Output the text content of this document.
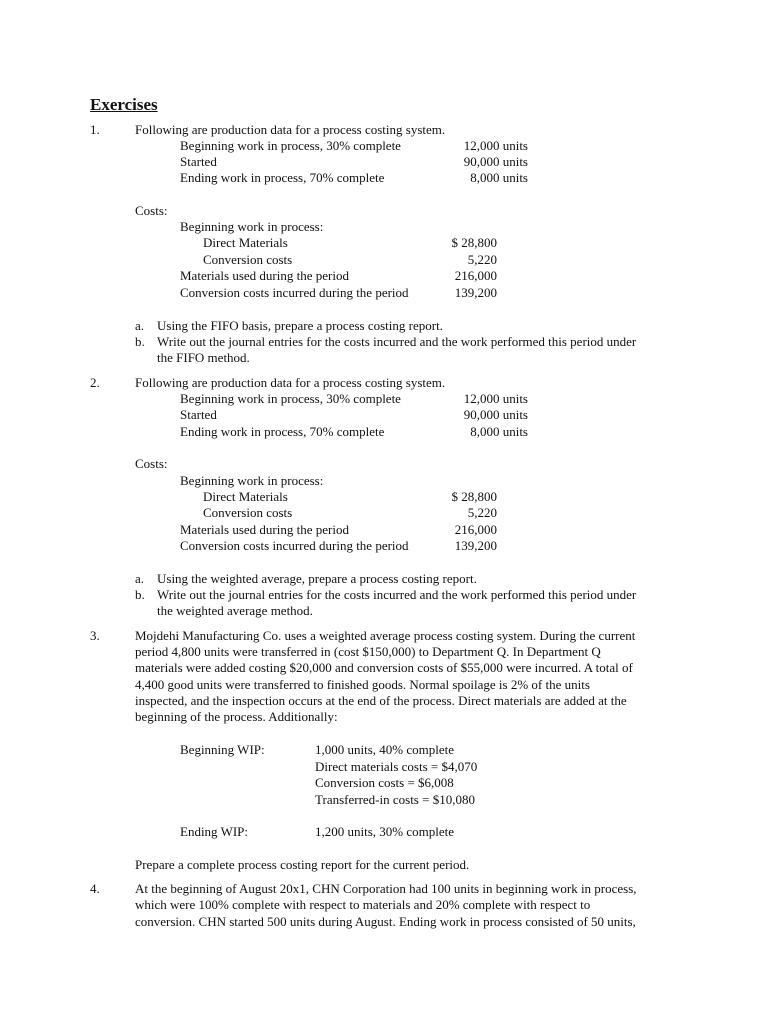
Exercises
1.	Following are production data for a process costing system.
Beginning work in process, 30% complete	12,000 units
Started	90,000 units
Ending work in process, 70% complete	8,000 units
Costs:
Beginning work in process:
Direct Materials	$ 28,800
Conversion costs	5,220
Materials used during the period	216,000
Conversion costs incurred during the period	139,200
a. Using the FIFO basis, prepare a process costing report.
b. Write out the journal entries for the costs incurred and the work performed this period under
the FIFO method.
2.	Following are production data for a process costing system.
Beginning work in process, 30% complete	12,000 units
Started	90,000 units
Ending work in process, 70% complete	8,000 units
Costs:
Beginning work in process:
Direct Materials	$ 28,800
Conversion costs	5,220
Materials used during the period	216,000
Conversion costs incurred during the period	139,200
a. Using the weighted average, prepare a process costing report.
b. Write out the journal entries for the costs incurred and the work performed this period under
the weighted average method.
3.	Mojdehi Manufacturing Co. uses a weighted average process costing system. During the current
period 4,800 units were transferred in (cost $150,000) to Department Q. In Department Q
materials were added costing $20,000 and conversion costs of $55,000 were incurred. A total of
4,400 good units were transferred to finished goods. Normal spoilage is 2% of the units
inspected, and the inspection occurs at the end of the process. Direct materials are added at the
beginning of the process. Additionally:
Beginning WIP:	1,000 units, 40% complete
Direct materials costs = $4,070
Conversion costs = $6,008
Transferred-in costs = $10,080
Ending WIP:	1,200 units, 30% complete
Prepare a complete process costing report for the current period.
4.	At the beginning of August 20x1, CHN Corporation had 100 units in beginning work in process,
which were 100% complete with respect to materials and 20% complete with respect to
conversion. CHN started 500 units during August. Ending work in process consisted of 50 units,
